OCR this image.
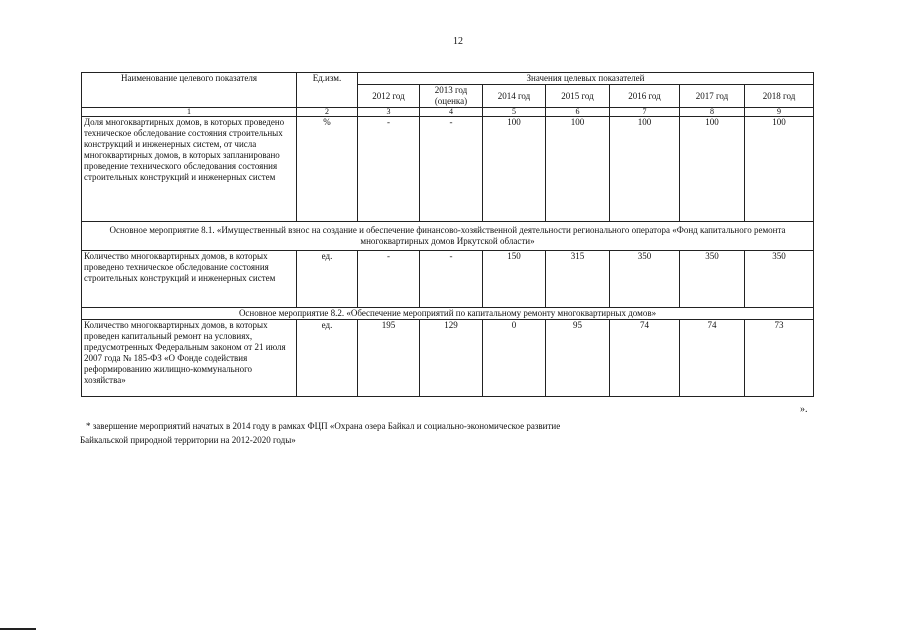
12
Наименование целевого показателя	Ед.изм.	Значения целевых показателей						
		2012 год	2013 год (оценка)	2014 год	2015 год	2016 год	2017 год	2018 год
1	2	3	4	5	6	7	8	9
Доля многоквартирных домов, в которых проведено техническое обследование состояния строительных конструкций и инженерных систем, от числа многоквартирных домов, в которых запланировано проведение технического обследования состояния строительных конструкций и инженерных систем	%	-	-	100	100	100	100	100
Основное мероприятие 8.1. «Имущественный взнос на создание и обеспечение финансово-хозяйственной деятельности регионального оператора «Фонд капитального ремонта многоквартирных домов Иркутской области»								
Количество многоквартирных домов, в которых проведено техническое обследование состояния строительных конструкций и инженерных систем	ед.	-	-	150	315	350	350	350
Основное мероприятие 8.2. «Обеспечение мероприятий по капитальному ремонту многоквартирных домов»								
Количество многоквартирных домов, в которых проведен капитальный ремонт на условиях, предусмотренных Федеральным законом от 21 июля 2007 года № 185-ФЗ «О Фонде содействия реформированию жилищно-коммунального хозяйства»	ед.	195	129	0	95	74	74	73
».

* завершение мероприятий начатых в 2014 году в рамках ФЦП «Охрана озера Байкал и социально-экономическое развитие

Байкальской природной территории на 2012-2020 годы»
